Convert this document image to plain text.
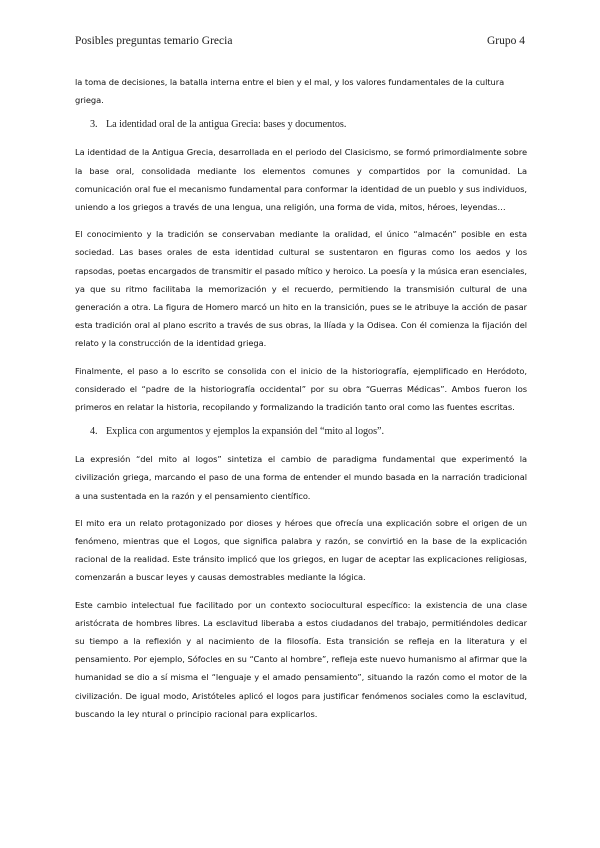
Posibles preguntas temario Grecia	Grupo 4

la toma de decisiones, la batalla interna entre el bien y el mal, y los valores fundamentales de la cultura griega.

3. La identidad oral de la antigua Grecia: bases y documentos.

La identidad de la Antigua Grecia, desarrollada en el periodo del Clasicismo, se formó primordialmente sobre la base oral, consolidada mediante los elementos comunes y compartidos por la comunidad. La comunicación oral fue el mecanismo fundamental para conformar la identidad de un pueblo y sus individuos, uniendo a los griegos a través de una lengua, una religión, una forma de vida, mitos, héroes, leyendas…

El conocimiento y la tradición se conservaban mediante la oralidad, el único “almacén” posible en esta sociedad. Las bases orales de esta identidad cultural se sustentaron en figuras como los aedos y los rapsodas, poetas encargados de transmitir el pasado mítico y heroico. La poesía y la música eran esenciales, ya que su ritmo facilitaba la memorización y el recuerdo, permitiendo la transmisión cultural de una generación a otra. La figura de Homero marcó un hito en la transición, pues se le atribuye la acción de pasar esta tradición oral al plano escrito a través de sus obras, la Ilíada y la Odisea. Con él comienza la fijación del relato y la construcción de la identidad griega.

Finalmente, el paso a lo escrito se consolida con el inicio de la historiografía, ejemplificado en Heródoto, considerado el “padre de la historiografía occidental” por su obra “Guerras Médicas”. Ambos fueron los primeros en relatar la historia, recopilando y formalizando la tradición tanto oral como las fuentes escritas.

4. Explica con argumentos y ejemplos la expansión del “mito al logos”.

La expresión “del mito al logos” sintetiza el cambio de paradigma fundamental que experimentó la civilización griega, marcando el paso de una forma de entender el mundo basada en la narración tradicional a una sustentada en la razón y el pensamiento científico.

El mito era un relato protagonizado por dioses y héroes que ofrecía una explicación sobre el origen de un fenómeno, mientras que el Logos, que significa palabra y razón, se convirtió en la base de la explicación racional de la realidad. Este tránsito implicó que los griegos, en lugar de aceptar las explicaciones religiosas, comenzarán a buscar leyes y causas demostrables mediante la lógica.

Este cambio intelectual fue facilitado por un contexto sociocultural específico: la existencia de una clase aristócrata de hombres libres. La esclavitud liberaba a estos ciudadanos del trabajo, permitiéndoles dedicar su tiempo a la reflexión y al nacimiento de la filosofía. Esta transición se refleja en la literatura y el pensamiento. Por ejemplo, Sófocles en su “Canto al hombre”, refleja este nuevo humanismo al afirmar que la humanidad se dio a sí misma el “lenguaje y el amado pensamiento”, situando la razón como el motor de la civilización. De igual modo, Aristóteles aplicó el logos para justificar fenómenos sociales como la esclavitud, buscando la ley ntural o principio racional para explicarlos.
